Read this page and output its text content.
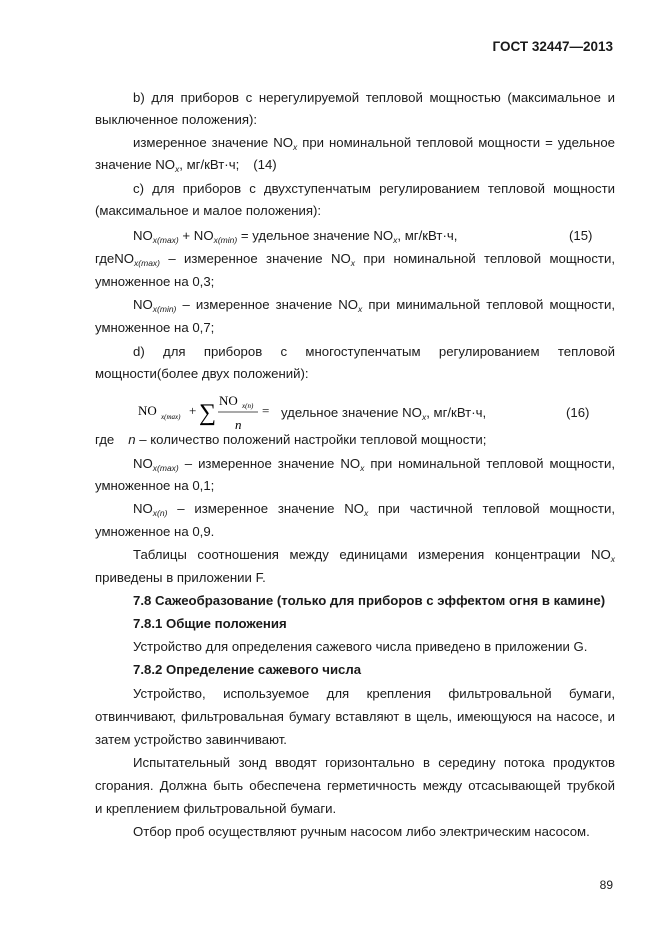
ГОСТ 32447—2013
b) для приборов с нерегулируемой тепловой мощностью (максимальное и
выключенное положения):
измеренное значение $NO_x$ при номинальной тепловой мощности = удельное
значение $NO_x$, мг/кВт·ч; (14)
с) для приборов с двухступенчатым регулированием тепловой мощности
(максимальное и малое положения):
$NO_{x(max)} + NO_{x(min)}$ = удельное значение $NO_x$, мг/кВт·ч,	(15)
гдеNO$_{x(max)}$ – измеренное значение $NO_x$ при номинальной тепловой мощности,
умноженное на 0,3;
$NO_{x(min)}$ – измеренное значение $NO_x$ при минимальной тепловой мощности,
умноженное на 0,7;
d) для приборов с многоступенчатым регулированием тепловой
мощности(более двух положений):
NO x(max) + ∑ NO x(n)
n
= удельное значение $NO_x$, мг/кВт·ч,	(16)
где n – количество положений настройки тепловой мощности;
$NO_{x(max)}$ – измеренное значение $NO_x$ при номинальной тепловой мощности,
умноженное на 0,1;
$NO_{x(n)}$ – измеренное значение $NO_x$ при частичной тепловой мощности,
умноженное на 0,9.
Таблицы соотношения между единицами измерения концентрации $NO_x$
приведены в приложении F.
7.8 Сажеобразование (только для приборов с эффектом огня в камине)
7.8.1 Общие положения
Устройство для определения сажевого числа приведено в приложении G.
7.8.2 Определение сажевого числа
Устройство, используемое для крепления фильтровальной бумаги,
отвинчивают, фильтровальная бумагу вставляют в щель, имеющуюся на насосе, и
затем устройство завинчивают.
Испытательный зонд вводят горизонтально в середину потока продуктов
сгорания. Должна быть обеспечена герметичность между отсасывающей трубкой
и креплением фильтровальной бумаги.
Отбор проб осуществляют ручным насосом либо электрическим насосом.
89
